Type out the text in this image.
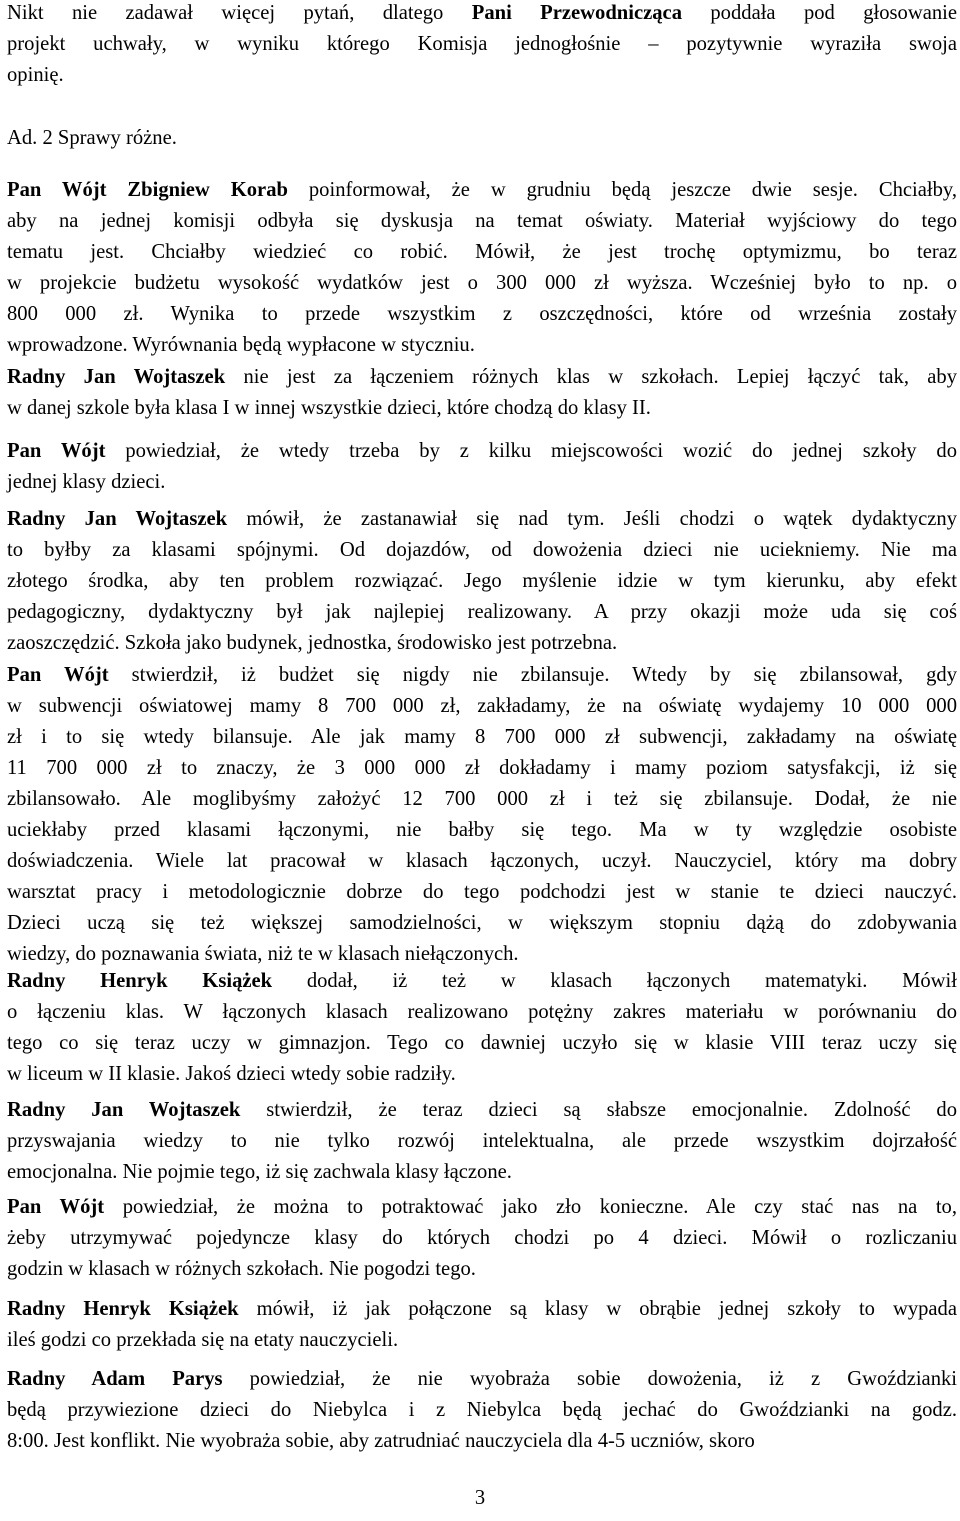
Nikt nie zadawał więcej pytań, dlatego Pani Przewodnicząca poddała pod głosowanie
projekt uchwały, w wyniku którego Komisja jednogłośnie – pozytywnie wyraziła swoja
opinię.
Ad. 2 Sprawy różne.
Pan Wójt Zbigniew Korab poinformował, że w grudniu będą jeszcze dwie sesje. Chciałby,
aby na jednej komisji odbyła się dyskusja na temat oświaty. Materiał wyjściowy do tego
tematu jest. Chciałby wiedzieć co robić. Mówił, że jest trochę optymizmu, bo teraz
w projekcie budżetu wysokość wydatków jest o 300 000 zł wyższa. Wcześniej było to np. o
800 000 zł. Wynika to przede wszystkim z oszczędności, które od września zostały
wprowadzone. Wyrównania będą wypłacone w styczniu.
Radny Jan Wojtaszek nie jest za łączeniem różnych klas w szkołach. Lepiej łączyć tak, aby
w danej szkole była klasa I w innej wszystkie dzieci, które chodzą do klasy II.
Pan Wójt powiedział, że wtedy trzeba by z kilku miejscowości wozić do jednej szkoły do
jednej klasy dzieci.
Radny Jan Wojtaszek mówił, że zastanawiał się nad tym. Jeśli chodzi o wątek dydaktyczny
to byłby za klasami spójnymi. Od dojazdów, od dowożenia dzieci nie uciekniemy. Nie ma
złotego środka, aby ten problem rozwiązać. Jego myślenie idzie w tym kierunku, aby efekt
pedagogiczny, dydaktyczny był jak najlepiej realizowany. A przy okazji może uda się coś
zaoszczędzić. Szkoła jako budynek, jednostka, środowisko jest potrzebna.
Pan Wójt stwierdził, iż budżet się nigdy nie zbilansuje. Wtedy by się zbilansował, gdy
w subwencji oświatowej mamy 8 700 000 zł, zakładamy, że na oświatę wydajemy 10 000 000
zł i to się wtedy bilansuje. Ale jak mamy 8 700 000 zł subwencji, zakładamy na oświatę
11 700 000 zł to znaczy, że 3 000 000 zł dokładamy i mamy poziom satysfakcji, iż się
zbilansowało. Ale moglibyśmy założyć 12 700 000 zł i też się zbilansuje. Dodał, że nie
uciekłaby przed klasami łączonymi, nie bałby się tego. Ma w ty względzie osobiste
doświadczenia. Wiele lat pracował w klasach łączonych, uczył. Nauczyciel, który ma dobry
warsztat pracy i metodologicznie dobrze do tego podchodzi jest w stanie te dzieci nauczyć.
Dzieci uczą się też większej samodzielności, w większym stopniu dążą do zdobywania
wiedzy, do poznawania świata, niż te w klasach niełączonych.
Radny Henryk Książek dodał, iż też w klasach łączonych matematyki. Mówił
o łączeniu klas. W łączonych klasach realizowano potężny zakres materiału w porównaniu do
tego co się teraz uczy w gimnazjon. Tego co dawniej uczyło się w klasie VIII teraz uczy się
w liceum w II klasie. Jakoś dzieci wtedy sobie radziły.
Radny Jan Wojtaszek stwierdził, że teraz dzieci są słabsze emocjonalnie. Zdolność do
przyswajania wiedzy to nie tylko rozwój intelektualna, ale przede wszystkim dojrzałość
emocjonalna. Nie pojmie tego, iż się zachwala klasy łączone.
Pan Wójt powiedział, że można to potraktować jako zło konieczne. Ale czy stać nas na to,
żeby utrzymywać pojedyncze klasy do których chodzi po 4 dzieci. Mówił o rozliczaniu
godzin w klasach w różnych szkołach. Nie pogodzi tego.
Radny Henryk Książek mówił, iż jak połączone są klasy w obrąbie jednej szkoły to wypada
ileś godzi co przekłada się na etaty nauczycieli.
Radny Adam Parys powiedział, że nie wyobraża sobie dowożenia, iż z Gwoździanki
będą przywiezione dzieci do Niebylca i z Niebylca będą jechać do Gwoździanki na godz.
8:00. Jest konflikt. Nie wyobraża sobie, aby zatrudniać nauczyciela dla 4-5 uczniów, skoro
3
